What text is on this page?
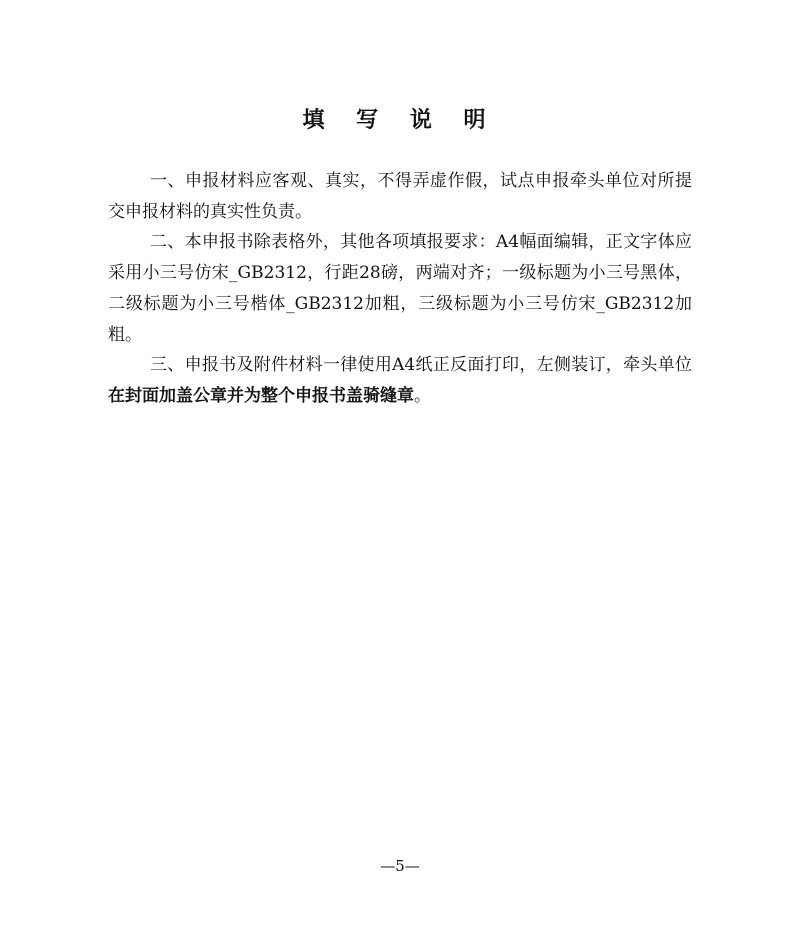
填 写 说 明

一、申报材料应客观、真实，不得弄虚作假，试点申报牵头单位对所提交申报材料的真实性负责。

二、本申报书除表格外，其他各项填报要求：A4幅面编辑，正文字体应采用小三号仿宋_GB2312，行距28磅，两端对齐；一级标题为小三号黑体，二级标题为小三号楷体_GB2312加粗，三级标题为小三号仿宋_GB2312加粗。

三、申报书及附件材料一律使用A4纸正反面打印，左侧装订，牵头单位在封面加盖公章并为整个申报书盖骑缝章。

—5—
